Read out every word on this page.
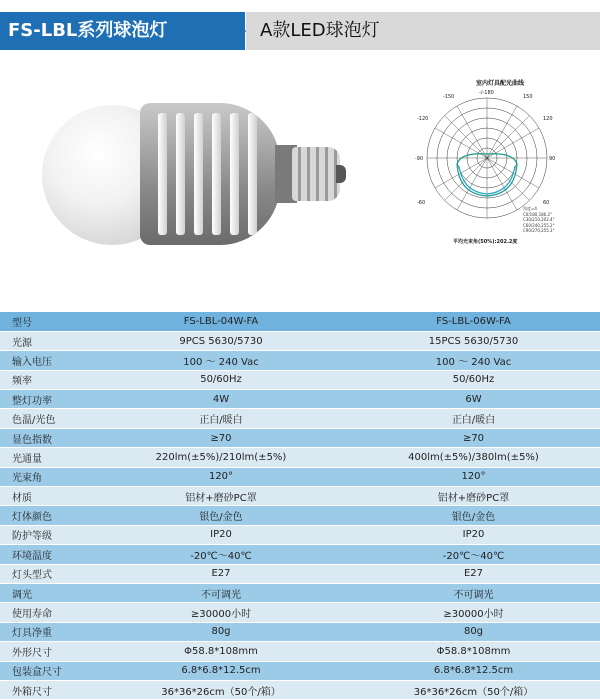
FS-LBL系列球泡灯	A款LED球泡灯
室内灯具配光曲线
-150
-/-180
150
-120	120
-90	90
-60	60
角度=4
C0/180,186.2°
C30/210,202.4°
C60/240,255.2°
C90/270,255.1°
平均光束角(50%):202.2度
型号	FS-LBL-04W-FA	FS-LBL-06W-FA
光源	9PCS 5630/5730	15PCS 5630/5730
输入电压	100 ～ 240 Vac	100 ～ 240 Vac
频率	50/60Hz	50/60Hz
整灯功率	4W	6W
色温/光色	正白/暖白	正白/暖白
显色指数	≥70	≥70
光通量	220lm(±5%)/210lm(±5%)	400lm(±5%)/380lm(±5%)
光束角	120°	120°
材质	铝材+磨砂PC罩	铝材+磨砂PC罩
灯体颜色	银色/金色	银色/金色
防护等级	IP20	IP20
环境温度	-20℃～40℃	-20℃～40℃
灯头型式	E27	E27
调光	不可调光	不可调光
使用寿命	≥30000小时	≥30000小时
灯具净重	80g	80g
外形尺寸	Φ58.8*108mm	Φ58.8*108mm
包装盒尺寸	6.8*6.8*12.5cm	6.8*6.8*12.5cm
外箱尺寸	36*36*26cm（50个/箱）	36*36*26cm（50个/箱）
